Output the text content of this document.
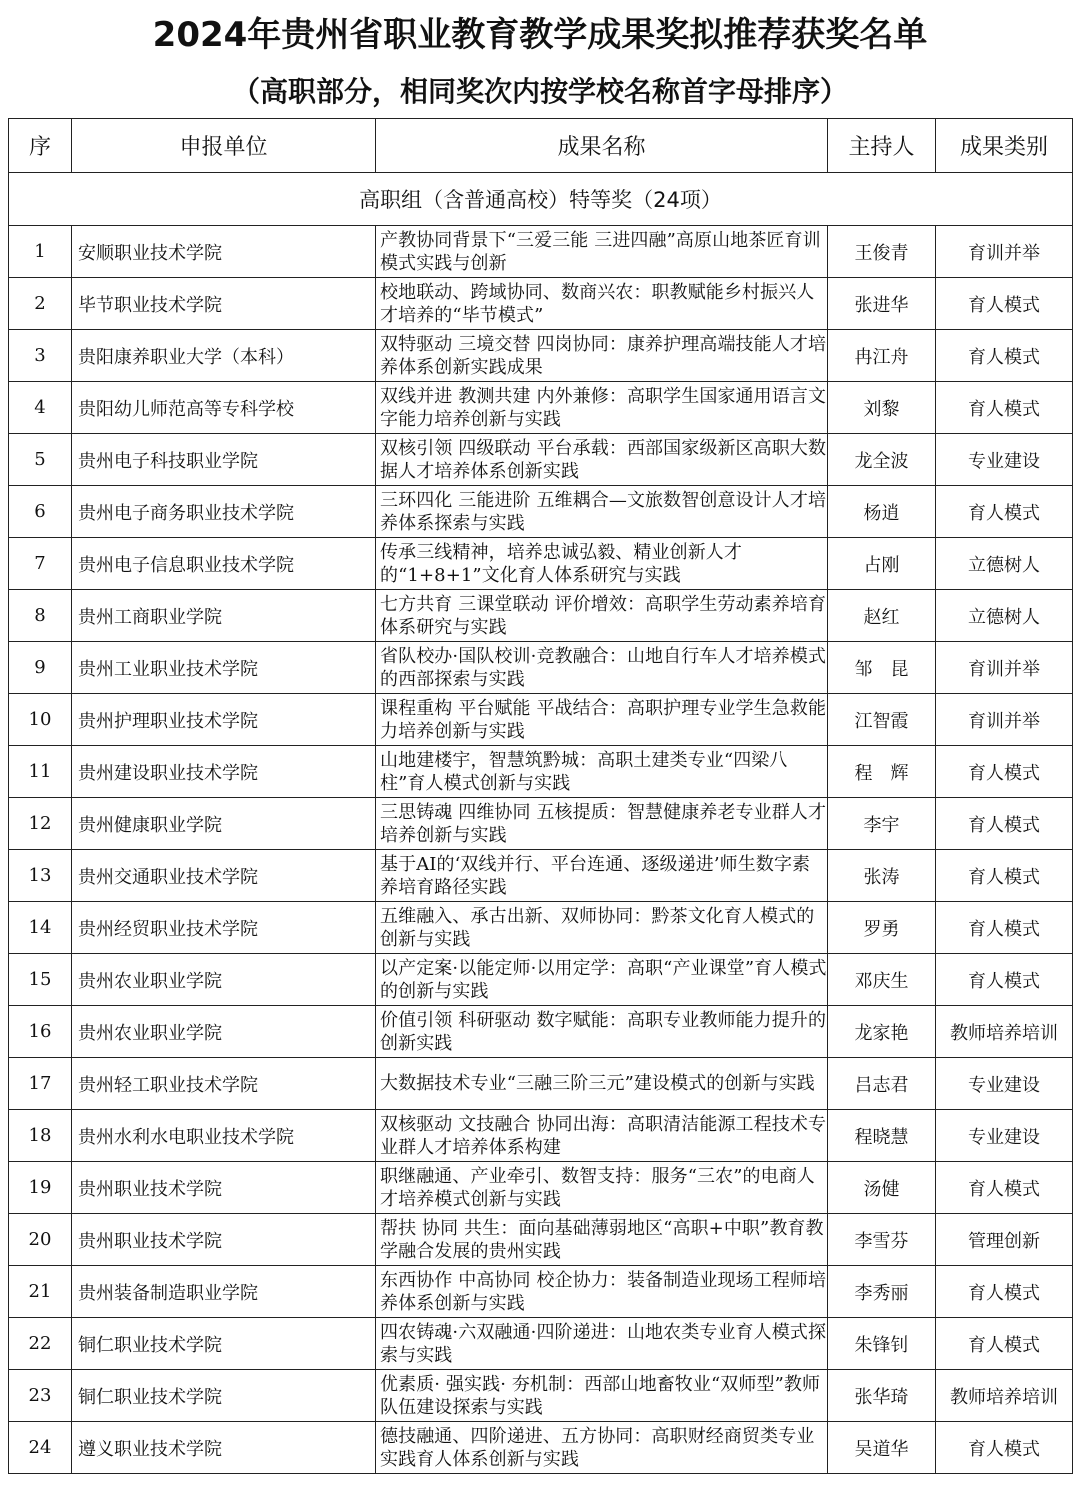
2024年贵州省职业教育教学成果奖拟推荐获奖名单
（高职部分，相同奖次内按学校名称首字母排序）
序	申报单位	成果名称	主持人	成果类别
高职组（含普通高校）特等奖（24项）				
1	安顺职业技术学院	产教协同背景下“三爱三能 三进四融”高原山地茶匠育训模式实践与创新	王俊青	育训并举
2	毕节职业技术学院	校地联动、跨域协同、数商兴农：职教赋能乡村振兴人才培养的“毕节模式”	张进华	育人模式
3	贵阳康养职业大学（本科）	双特驱动 三境交替 四岗协同：康养护理高端技能人才培养体系创新实践成果	冉江舟	育人模式
4	贵阳幼儿师范高等专科学校	双线并进 教测共建 内外兼修：高职学生国家通用语言文字能力培养创新与实践	刘黎	育人模式
5	贵州电子科技职业学院	双核引领 四级联动 平台承载：西部国家级新区高职大数据人才培养体系创新实践	龙全波	专业建设
6	贵州电子商务职业技术学院	三环四化 三能进阶 五维耦合—文旅数智创意设计人才培养体系探索与实践	杨逍	育人模式
7	贵州电子信息职业技术学院	传承三线精神，培养忠诚弘毅、精业创新人才的“1+8+1”文化育人体系研究与实践	占刚	立德树人
8	贵州工商职业学院	七方共育 三课堂联动 评价增效：高职学生劳动素养培育体系研究与实践	赵红	立德树人
9	贵州工业职业技术学院	省队校办·国队校训·竞教融合：山地自行车人才培养模式的西部探索与实践	邹　昆	育训并举
10	贵州护理职业技术学院	课程重构 平台赋能 平战结合：高职护理专业学生急救能力培养创新与实践	江智霞	育训并举
11	贵州建设职业技术学院	山地建楼宇，智慧筑黔城：高职土建类专业“四梁八柱”育人模式创新与实践	程　辉	育人模式
12	贵州健康职业学院	三思铸魂 四维协同 五核提质：智慧健康养老专业群人才培养创新与实践	李宇	育人模式
13	贵州交通职业技术学院	基于AI的‘双线并行、平台连通、逐级递进’师生数字素养培育路径实践	张涛	育人模式
14	贵州经贸职业技术学院	五维融入、承古出新、双师协同：黔茶文化育人模式的创新与实践	罗勇	育人模式
15	贵州农业职业学院	以产定案·以能定师·以用定学：高职“产业课堂”育人模式的创新与实践	邓庆生	育人模式
16	贵州农业职业学院	价值引领 科研驱动 数字赋能：高职专业教师能力提升的创新实践	龙家艳	教师培养培训
17	贵州轻工职业技术学院	大数据技术专业“三融三阶三元”建设模式的创新与实践	吕志君	专业建设
18	贵州水利水电职业技术学院	双核驱动 文技融合 协同出海：高职清洁能源工程技术专业群人才培养体系构建	程晓慧	专业建设
19	贵州职业技术学院	职继融通、产业牵引、数智支持：服务“三农”的电商人才培养模式创新与实践	汤健	育人模式
20	贵州职业技术学院	帮扶 协同 共生：面向基础薄弱地区“高职+中职”教育教学融合发展的贵州实践	李雪芬	管理创新
21	贵州装备制造职业学院	东西协作 中高协同 校企协力：装备制造业现场工程师培养体系创新与实践	李秀丽	育人模式
22	铜仁职业技术学院	四农铸魂·六双融通·四阶递进：山地农类专业育人模式探索与实践	朱锋钊	育人模式
23	铜仁职业技术学院	优素质· 强实践· 夯机制：西部山地畜牧业“双师型”教师队伍建设探索与实践	张华琦	教师培养培训
24	遵义职业技术学院	德技融通、四阶递进、五方协同：高职财经商贸类专业实践育人体系创新与实践	吴道华	育人模式
